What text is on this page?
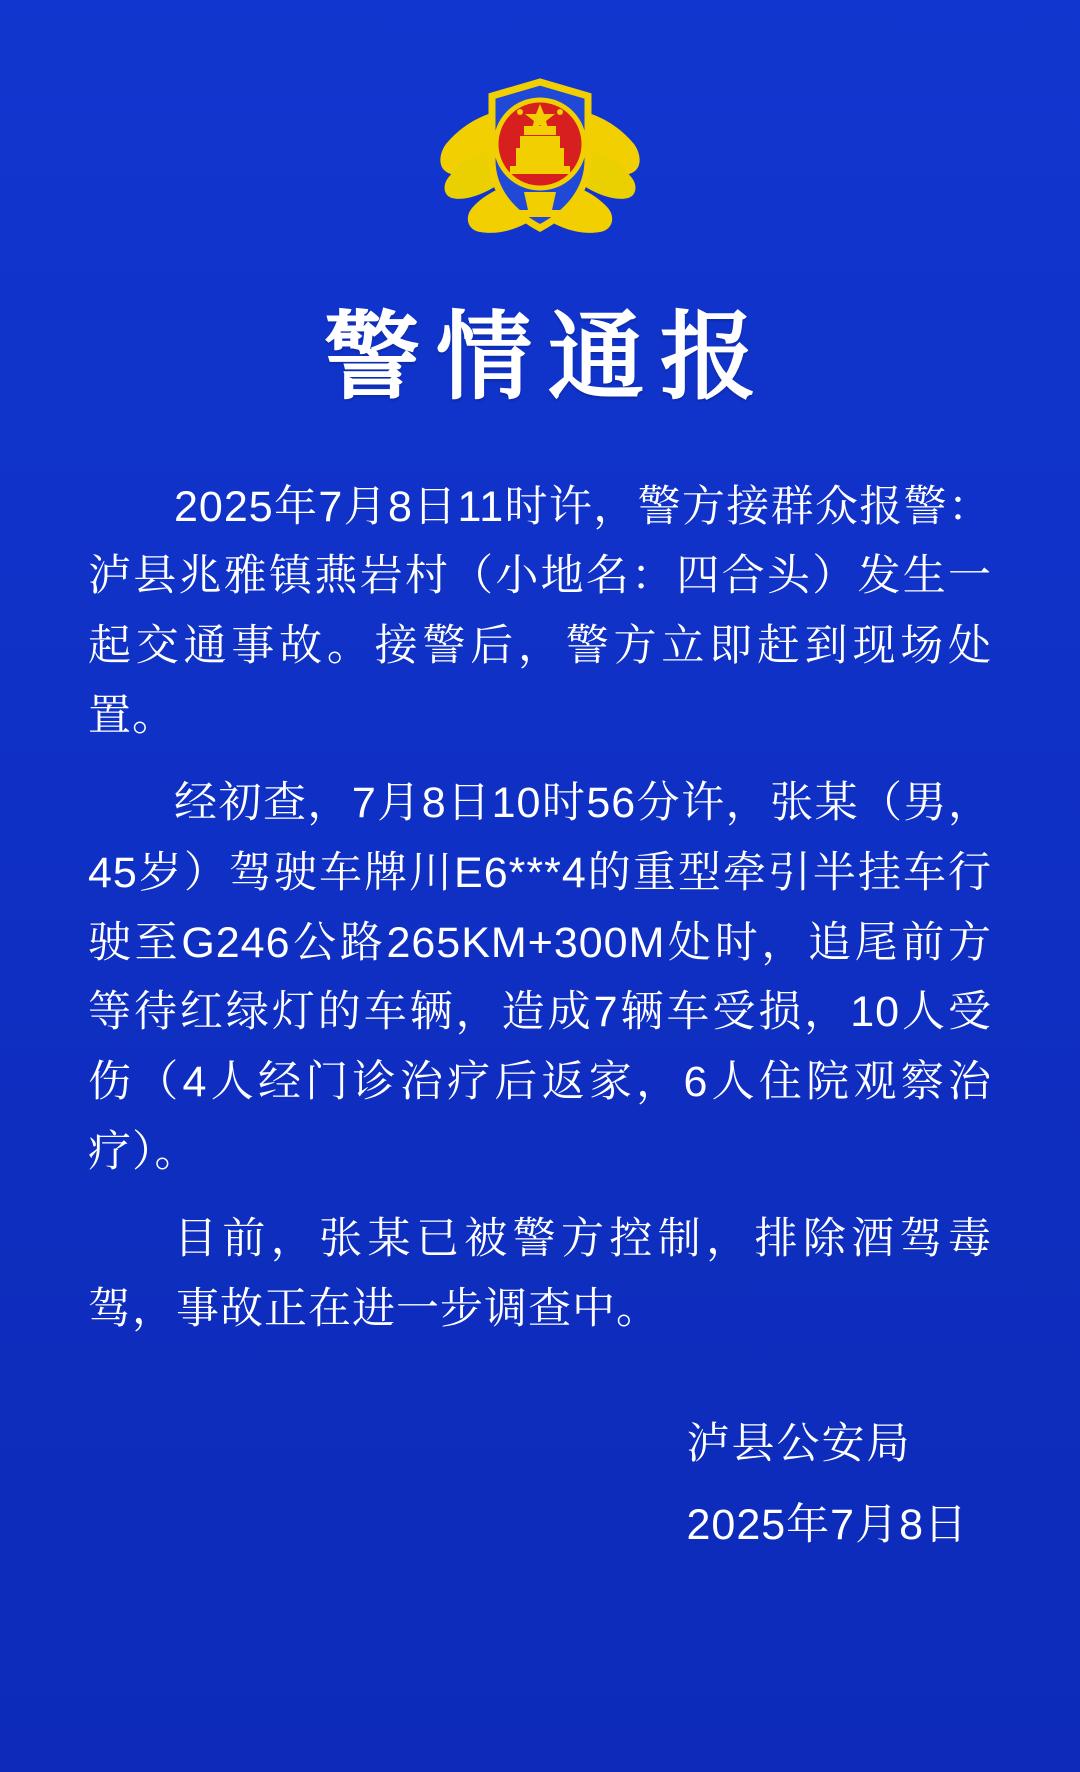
警情通报

2025年7月8日11时许，警方接群众报警：泸县兆雅镇燕岩村（小地名：四合头）发生一起交通事故。接警后，警方立即赶到现场处置。

经初查，7月8日10时56分许，张某（男，45岁）驾驶车牌川E6***4的重型牵引半挂车行驶至G246公路265KM+300M处时，追尾前方等待红绿灯的车辆，造成7辆车受损，10人受伤（4人经门诊治疗后返家，6人住院观察治疗）。

目前，张某已被警方控制，排除酒驾毒驾，事故正在进一步调查中。

泸县公安局
2025年7月8日
